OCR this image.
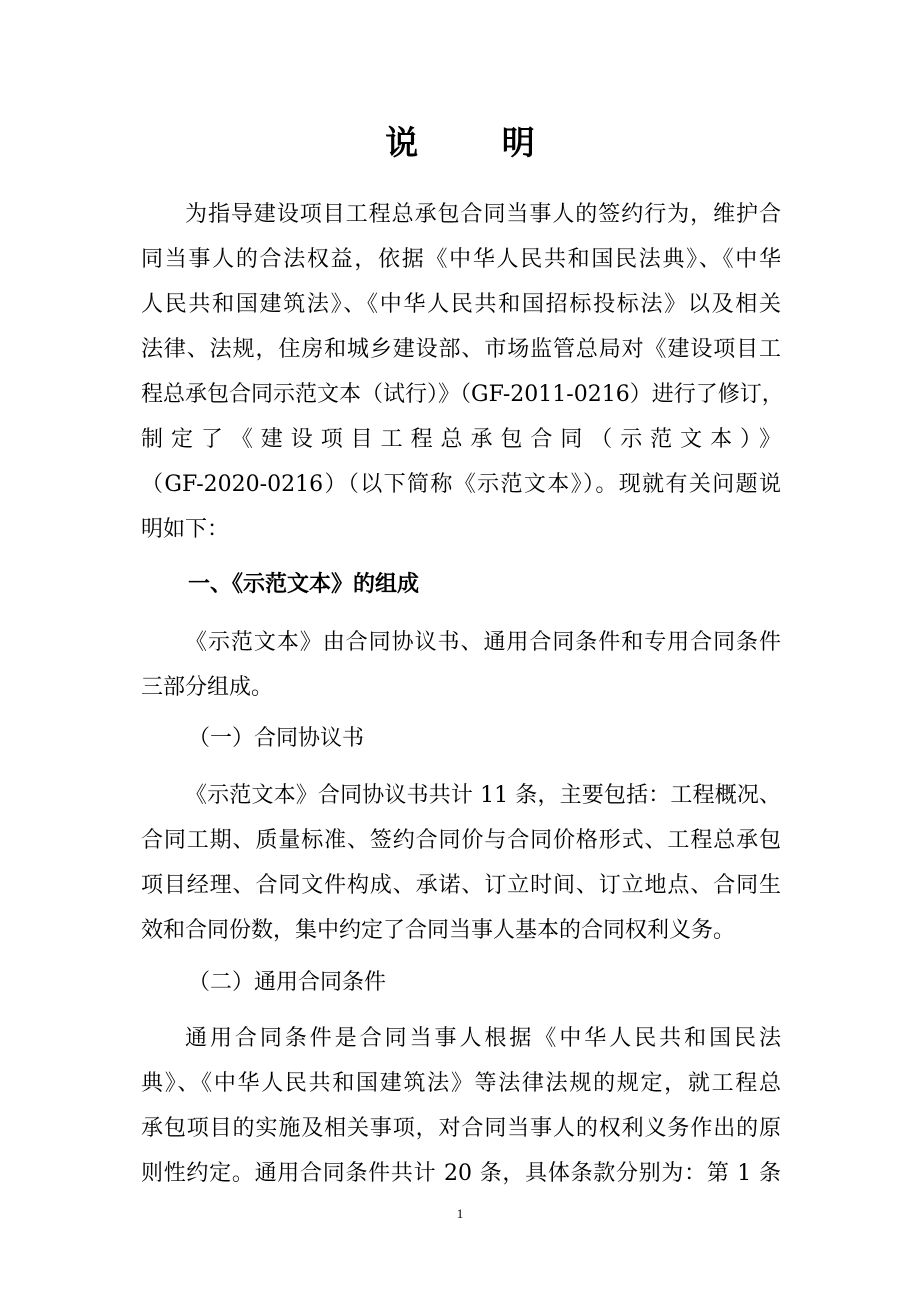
说 明
为指导建设项目工程总承包合同当事人的签约行为，维护合
同当事人的合法权益，依据《中华人民共和国民法典》、《中华
人民共和国建筑法》、《中华人民共和国招标投标法》以及相关
法律、法规，住房和城乡建设部、市场监管总局对《建设项目工
程总承包合同示范文本（试行）》（GF-2011-0216）进行了修订，
制定了《建设项目工程总承包合同（示范文本）》
（GF-2020-0216）（以下简称《示范文本》）。现就有关问题说
明如下：
一、《示范文本》的组成
《示范文本》由合同协议书、通用合同条件和专用合同条件
三部分组成。
（一）合同协议书
《示范文本》合同协议书共计 11 条，主要包括：工程概况、
合同工期、质量标准、签约合同价与合同价格形式、工程总承包
项目经理、合同文件构成、承诺、订立时间、订立地点、合同生
效和合同份数，集中约定了合同当事人基本的合同权利义务。
（二）通用合同条件
通用合同条件是合同当事人根据《中华人民共和国民法
典》、《中华人民共和国建筑法》等法律法规的规定，就工程总
承包项目的实施及相关事项，对合同当事人的权利义务作出的原
则性约定。通用合同条件共计 20 条，具体条款分别为：第 1 条
1
